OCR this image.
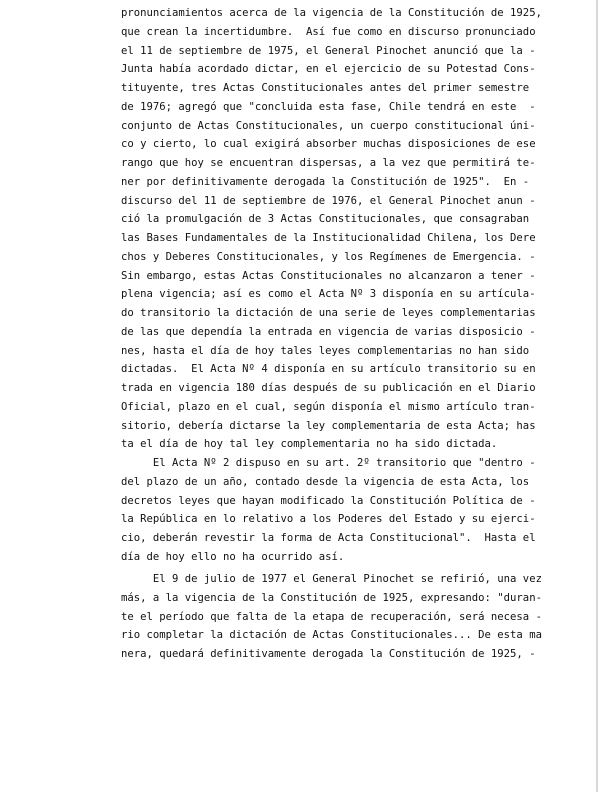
pronunciamientos acerca de la vigencia de la Constitución de 1925,

que crean la incertidumbre.  Así fue como en discurso pronunciado

el 11 de septiembre de 1975, el General Pinochet anunció que la -

Junta había acordado dictar, en el ejercicio de su Potestad Cons-

tituyente, tres Actas Constitucionales antes del primer semestre

de 1976; agregó que "concluida esta fase, Chile tendrá en este  -

conjunto de Actas Constitucionales, un cuerpo constitucional úni-

co y cierto, lo cual exigirá absorber muchas disposiciones de ese

rango que hoy se encuentran dispersas, a la vez que permitirá te-

ner por definitivamente derogada la Constitución de 1925".  En -

discurso del 11 de septiembre de 1976, el General Pinochet anun -

ció la promulgación de 3 Actas Constitucionales, que consagraban

las Bases Fundamentales de la Institucionalidad Chilena, los Dere

chos y Deberes Constitucionales, y los Regímenes de Emergencia. -

Sin embargo, estas Actas Constitucionales no alcanzaron a tener -

plena vigencia; así es como el Acta Nº 3 disponía en su artícula-

do transitorio la dictación de una serie de leyes complementarias

de las que dependía la entrada en vigencia de varias disposicio -

nes, hasta el día de hoy tales leyes complementarias no han sido

dictadas.  El Acta Nº 4 disponía en su artículo transitorio su en

trada en vigencia 180 días después de su publicación en el Diario

Oficial, plazo en el cual, según disponía el mismo artículo tran-

sitorio, debería dictarse la ley complementaria de esta Acta; has

ta el día de hoy tal ley complementaria no ha sido dictada.

El Acta Nº 2 dispuso en su art. 2º transitorio que "dentro -

del plazo de un año, contado desde la vigencia de esta Acta, los

decretos leyes que hayan modificado la Constitución Política de -

la República en lo relativo a los Poderes del Estado y su ejerci-

cio, deberán revestir la forma de Acta Constitucional".  Hasta el

día de hoy ello no ha ocurrido así.

El 9 de julio de 1977 el General Pinochet se refirió, una vez

más, a la vigencia de la Constitución de 1925, expresando: "duran-

te el período que falta de la etapa de recuperación, será necesa -

rio completar la dictación de Actas Constitucionales... De esta ma

nera, quedará definitivamente derogada la Constitución de 1925, -
